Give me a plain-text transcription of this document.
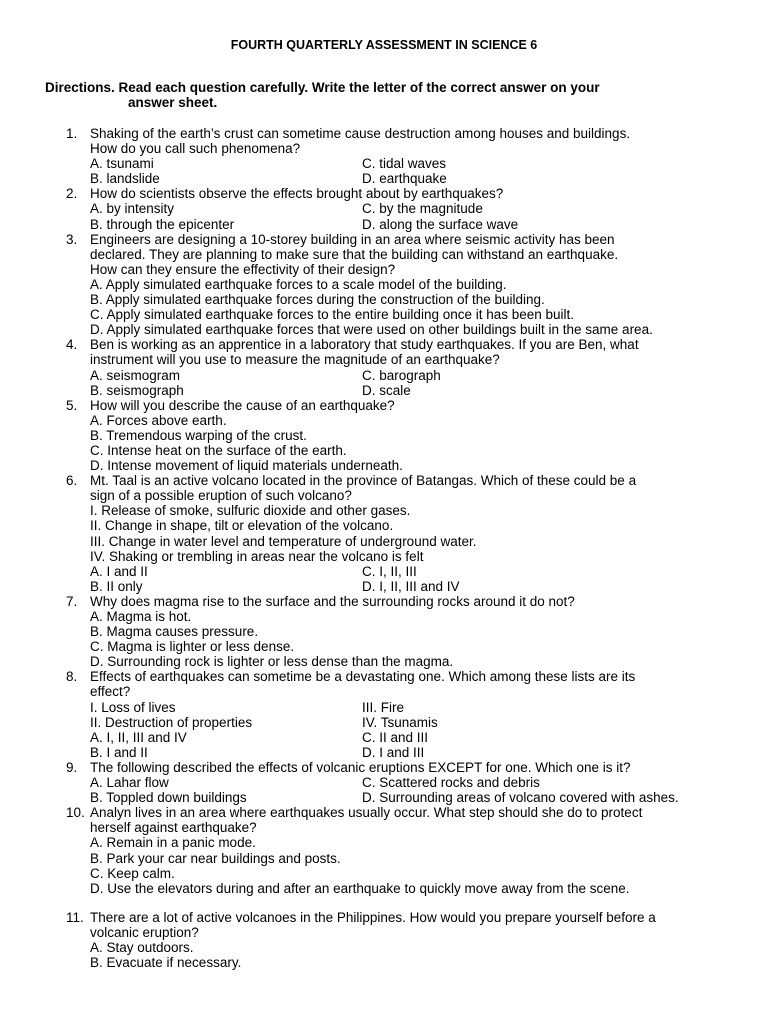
FOURTH QUARTERLY ASSESSMENT IN SCIENCE 6
Directions. Read each question carefully. Write the letter of the correct answer on your
answer sheet.
1. Shaking of the earth’s crust can sometime cause destruction among houses and buildings.
How do you call such phenomena?
A. tsunami	C. tidal waves
B. landslide	D. earthquake
2. How do scientists observe the effects brought about by earthquakes?
A. by intensity	C. by the magnitude
B. through the epicenter	D. along the surface wave
3. Engineers are designing a 10-storey building in an area where seismic activity has been
declared. They are planning to make sure that the building can withstand an earthquake.
How can they ensure the effectivity of their design?
A. Apply simulated earthquake forces to a scale model of the building.
B. Apply simulated earthquake forces during the construction of the building.
C. Apply simulated earthquake forces to the entire building once it has been built.
D. Apply simulated earthquake forces that were used on other buildings built in the same area.
4. Ben is working as an apprentice in a laboratory that study earthquakes. If you are Ben, what
instrument will you use to measure the magnitude of an earthquake?
A. seismogram	C. barograph
B. seismograph	D. scale
5. How will you describe the cause of an earthquake?
A. Forces above earth.
B. Tremendous warping of the crust.
C. Intense heat on the surface of the earth.
D. Intense movement of liquid materials underneath.
6. Mt. Taal is an active volcano located in the province of Batangas. Which of these could be a
sign of a possible eruption of such volcano?
I. Release of smoke, sulfuric dioxide and other gases.
II. Change in shape, tilt or elevation of the volcano.
III. Change in water level and temperature of underground water.
IV. Shaking or trembling in areas near the volcano is felt
A. I and II	C. I, II, III
B. II only	D. I, II, III and IV
7. Why does magma rise to the surface and the surrounding rocks around it do not?
A. Magma is hot.
B. Magma causes pressure.
C. Magma is lighter or less dense.
D. Surrounding rock is lighter or less dense than the magma.
8. Effects of earthquakes can sometime be a devastating one. Which among these lists are its
effect?
I. Loss of lives	III. Fire
II. Destruction of properties	IV. Tsunamis
A. I, II, III and IV	C. II and III
B. I and II	D. I and III
9. The following described the effects of volcanic eruptions EXCEPT for one. Which one is it?
A. Lahar flow	C. Scattered rocks and debris
B. Toppled down buildings	D. Surrounding areas of volcano covered with ashes.
10. Analyn lives in an area where earthquakes usually occur. What step should she do to protect
herself against earthquake?
A. Remain in a panic mode.
B. Park your car near buildings and posts.
C. Keep calm.
D. Use the elevators during and after an earthquake to quickly move away from the scene.
11. There are a lot of active volcanoes in the Philippines. How would you prepare yourself before a
volcanic eruption?
A. Stay outdoors.
B. Evacuate if necessary.
